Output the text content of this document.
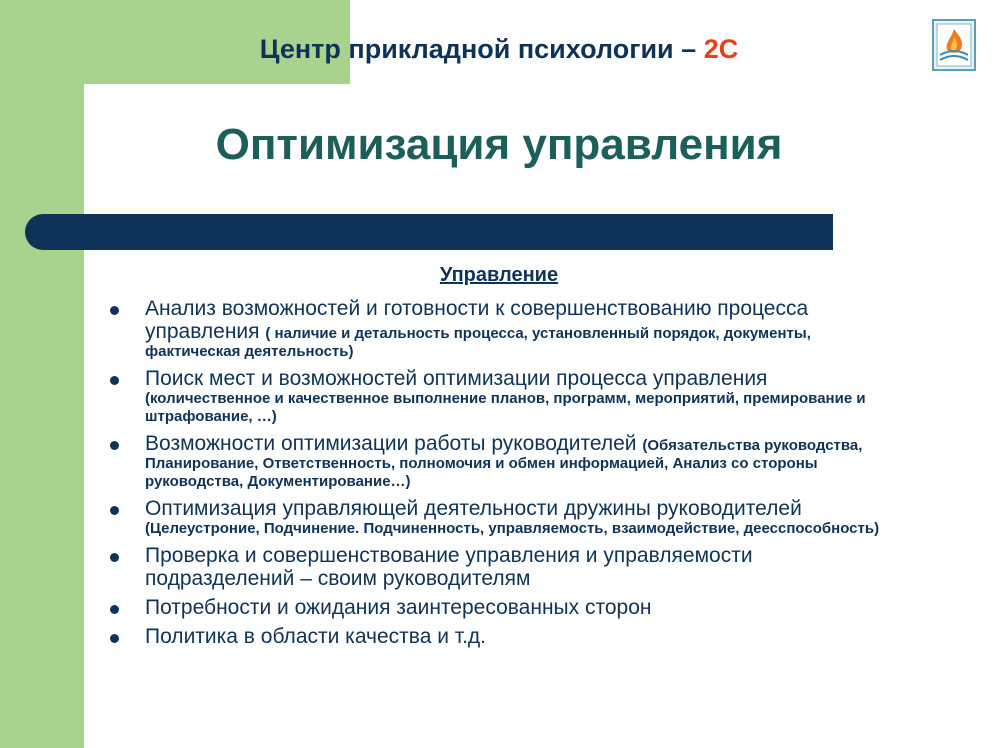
Центр прикладной психологии – 2С
Оптимизация управления
Управление
Анализ возможностей и готовности к совершенствованию процесса управления ( наличие и детальность процесса, установленный порядок, документы, фактическая деятельность)
Поиск мест и возможностей оптимизации процесса управления (количественное и качественное выполнение планов, программ, мероприятий, премирование и штрафование, …)
Возможности оптимизации работы руководителей (Обязательства руководства, Планирование, Ответственность, полномочия и обмен информацией, Анализ со стороны руководства, Документирование…)
Оптимизация управляющей деятельности дружины руководителей (Целеустроние, Подчинение. Подчиненность, управляемость, взаимодействие, деесспособность)
Проверка и совершенствование управления и управляемости подразделений – своим руководителям
Потребности и ожидания заинтересованных сторон
Политика в области качества и т.д.
